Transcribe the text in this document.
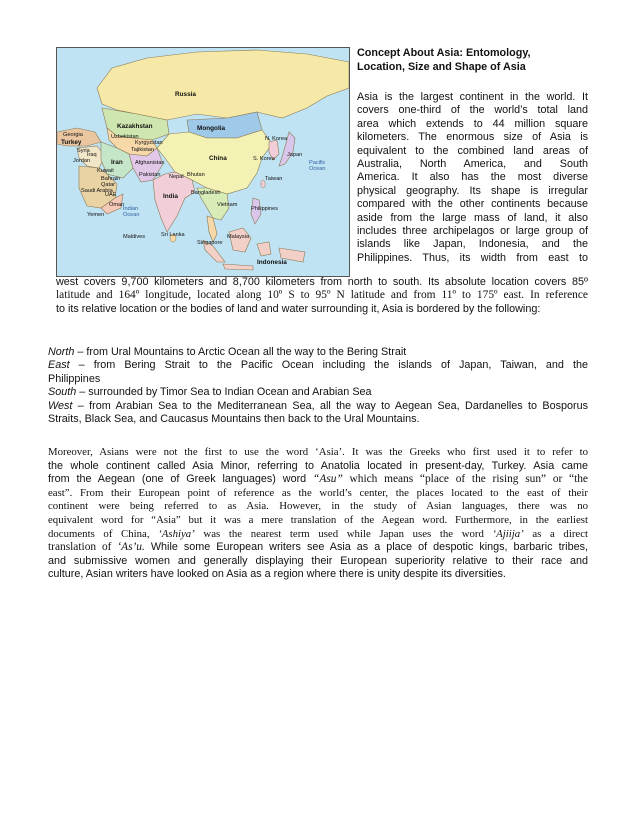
Russia
Kazakhstan
Uzbekistan
Mongolia
Kyrgyzstan
Tajikistan
Georgia
Turkey
Iraq
Iran
Syria
Jordan
Kuwait
Bahrain
Qatar
Saudi Arabia
UAE
Oman
Yemen
Afghanistan
Pakistan Nepal Bhutan
India Bangladesh
China
N. Korea
S. Korea
Japan
Taiwan
Vietnam
Philippines
Malaysia
Singapore
Indonesia
Sri Lanka
Maldives
Indian
Ocean
Pacific
Ocean
Concept About Asia: Entomology,
Location, Size and Shape of Asia
Asia is the largest continent in the world. It
covers one-third of the world’s total land
area which extends to 44 million square
kilometers. The enormous size of Asia is
equivalent to the combined land areas of
Australia, North America, and South
America. It also has the most diverse
physical geography. Its shape is irregular
compared with the other continents because
aside from the large mass of land, it also
includes three archipelagos or large group of
islands like Japan, Indonesia, and the
Philippines. Thus, its width from east to
west covers 9,700 kilometers and 8,700 kilometers from north to south. Its absolute location covers 85º
latitude and 164º longitude, located along 10º S to 95º N latitude and from 11º to 175º east. In reference
to its relative location or the bodies of land and water surrounding it, Asia is bordered by the following:
North – from Ural Mountains to Arctic Ocean all the way to the Bering Strait
East – from Bering Strait to the Pacific Ocean including the islands of Japan, Taiwan, and the
Philippines
South – surrounded by Timor Sea to Indian Ocean and Arabian Sea
West – from Arabian Sea to the Mediterranean Sea, all the way to Aegean Sea, Dardanelles to Bosporus
Straits, Black Sea, and Caucasus Mountains then back to the Ural Mountains.
Moreover, Asians were not the first to use the word ‘Asia’. It was the Greeks who first used it to refer to
the whole continent called Asia Minor, referring to Anatolia located in present-day, Turkey. Asia came
from the Aegean (one of Greek languages) word “Asu” which means “place of the rising sun” or “the
east”. From their European point of reference as the world’s center, the places located to the east of their
continent were being referred to as Asia. However, in the study of Asian languages, there was no
equivalent word for “Asia” but it was a mere translation of the Aegean word. Furthermore, in the earliest
documents of China, ‘Ashiya’ was the nearest term used while Japan uses the word ‘Ajiija’ as a direct
translation of ‘As’u. While some European writers see Asia as a place of despotic kings, barbaric tribes,
and submissive women and generally displaying their European superiority relative to their race and
culture, Asian writers have looked on Asia as a region where there is unity despite its diversities.
